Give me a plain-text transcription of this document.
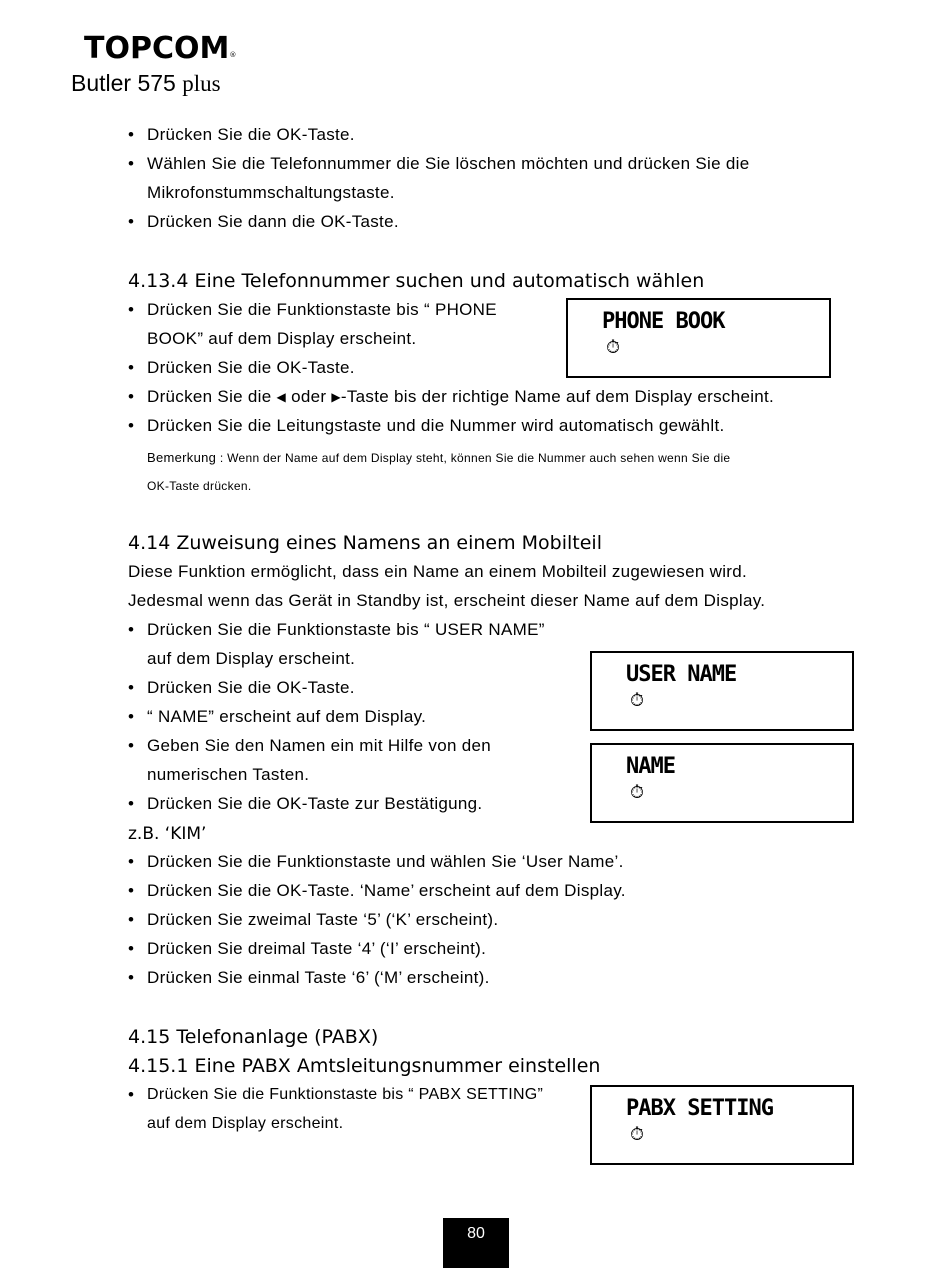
TOPCOM®
Butler 575 plus
• Drücken Sie die OK-Taste.
• Wählen Sie die Telefonnummer die Sie löschen möchten und drücken Sie die
Mikrofonstummschaltungstaste.
• Drücken Sie dann die OK-Taste.
4.13.4 Eine Telefonnummer suchen und automatisch wählen
• Drücken Sie die Funktionstaste bis “ PHONE
BOOK” auf dem Display erscheint.
• Drücken Sie die OK-Taste.
• Drücken Sie die ◀ oder ▶-Taste bis der richtige Name auf dem Display erscheint.
• Drücken Sie die Leitungstaste und die Nummer wird automatisch gewählt.
Bemerkung : Wenn der Name auf dem Display steht, können Sie die Nummer auch sehen wenn Sie die
OK-Taste drücken.
PHONE BOOK
⏱
4.14 Zuweisung eines Namens an einem Mobilteil
Diese Funktion ermöglicht, dass ein Name an einem Mobilteil zugewiesen wird.
Jedesmal wenn das Gerät in Standby ist, erscheint dieser Name auf dem Display.
• Drücken Sie die Funktionstaste bis “ USER NAME”
auf dem Display erscheint.
• Drücken Sie die OK-Taste.
• “ NAME” erscheint auf dem Display.
• Geben Sie den Namen ein mit Hilfe von den
numerischen Tasten.
• Drücken Sie die OK-Taste zur Bestätigung.
z.B. ‘KIM’
• Drücken Sie die Funktionstaste und wählen Sie ‘User Name’.
• Drücken Sie die OK-Taste. ‘Name’ erscheint auf dem Display.
• Drücken Sie zweimal Taste ‘5’ (‘K’ erscheint).
• Drücken Sie dreimal Taste ‘4’ (‘I’ erscheint).
• Drücken Sie einmal Taste ‘6’ (‘M’ erscheint).
USER NAME
⏱
NAME
⏱
4.15 Telefonanlage (PABX)
4.15.1 Eine PABX Amtsleitungsnummer einstellen
• Drücken Sie die Funktionstaste bis “ PABX SETTING”
auf dem Display erscheint.
PABX SETTING
⏱
80
